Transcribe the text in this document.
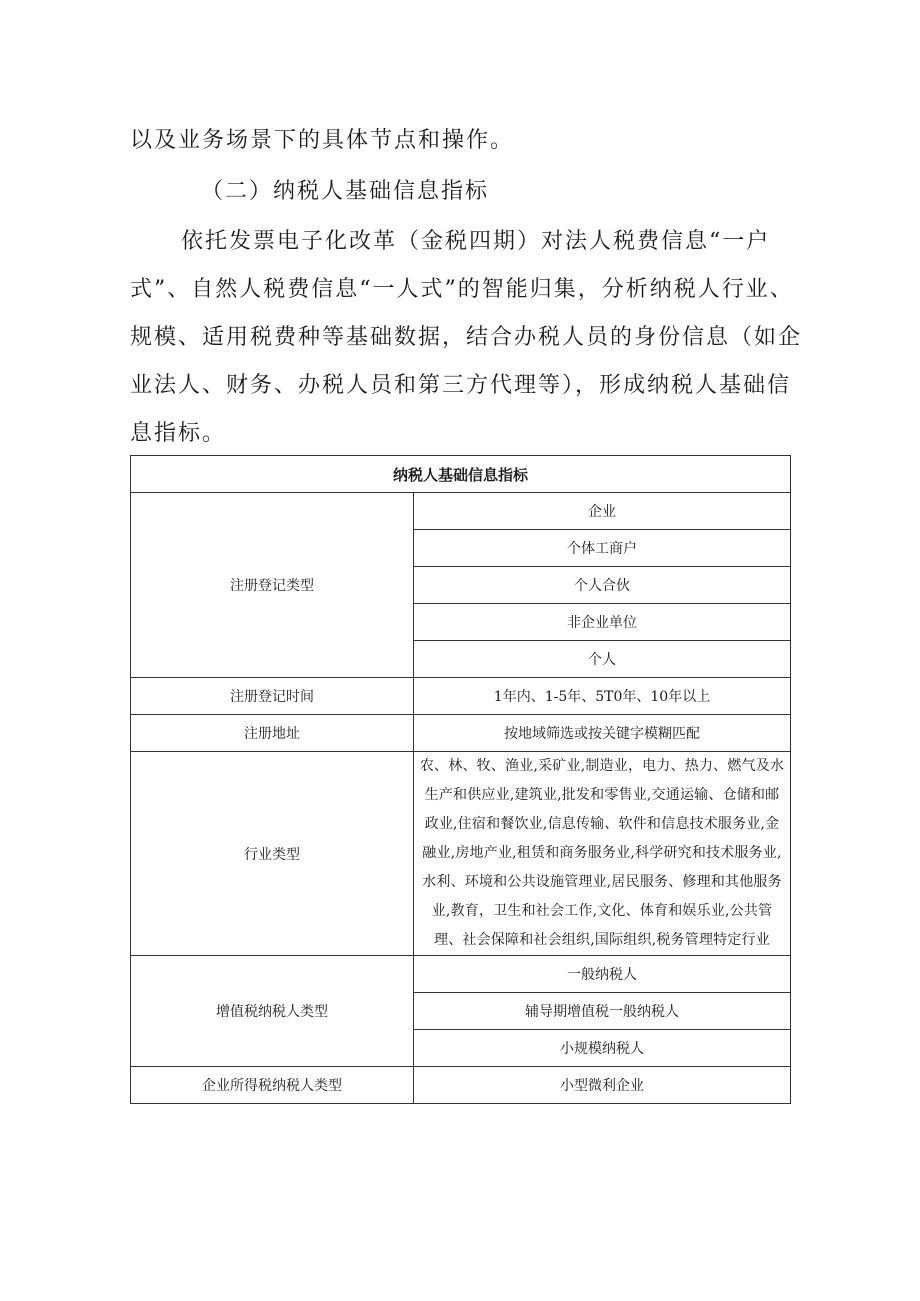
以及业务场景下的具体节点和操作。

（二）纳税人基础信息指标

依托发票电子化改革（金税四期）对法人税费信息“一户

式”、自然人税费信息“一人式”的智能归集，分析纳税人行业、

规模、适用税费种等基础数据，结合办税人员的身份信息（如企

业法人、财务、办税人员和第三方代理等），形成纳税人基础信

息指标。

纳税人基础信息指标	
注册登记类型	企业
	个体工商户
	个人合伙
	非企业单位
	个人
注册登记时间	1年内、1-5年、5T0年、10年以上
注册地址	按地域筛选或按关键字模糊匹配
行业类型	农、林、牧、渔业,采矿业,制造业，电力、热力、燃气及水生产和供应业,建筑业,批发和零售业,交通运输、仓储和邮政业,住宿和餐饮业,信息传输、软件和信息技术服务业,金融业,房地产业,租赁和商务服务业,科学研究和技术服务业,水利、环境和公共设施管理业,居民服务、修理和其他服务业,教育，卫生和社会工作,文化、体育和娱乐业,公共管理、社会保障和社会组织,国际组织,税务管理特定行业
增值税纳税人类型	一般纳税人
	辅导期增值税一般纳税人
	小规模纳税人
企业所得税纳税人类型	小型微利企业
